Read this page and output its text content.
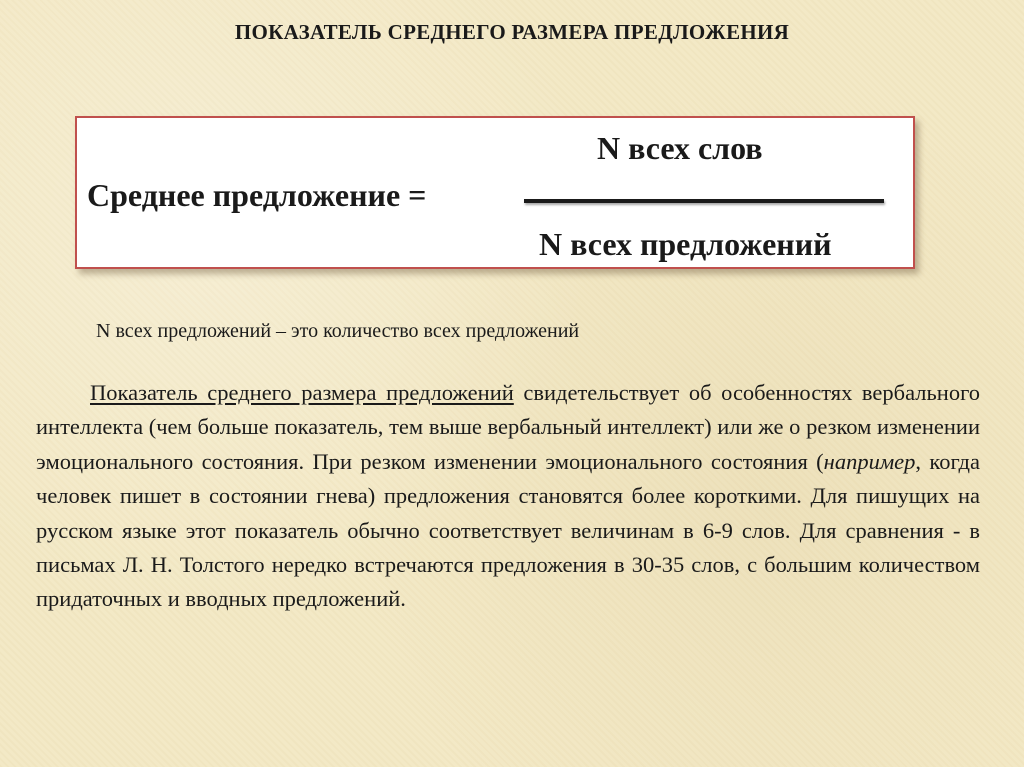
ПОКАЗАТЕЛЬ СРЕДНЕГО РАЗМЕРА ПРЕДЛОЖЕНИЯ
N всех слов
Среднее предложение =
N всех предложений

N всех предложений – это количество всех предложений

Показатель среднего размера предложений свидетельствует об особенностях вербального интеллекта (чем больше показатель, тем выше вербальный интеллект) или же о резком изменении эмоционального состояния. При резком изменении эмоционального состояния (например, когда человек пишет в состоянии гнева) предложения становятся более короткими. Для пишущих на русском языке этот показатель обычно соответствует величинам в 6-9 слов. Для сравнения - в письмах Л. Н. Толстого нередко встречаются предложения в 30-35 слов, с большим количеством придаточных и вводных предложений.
